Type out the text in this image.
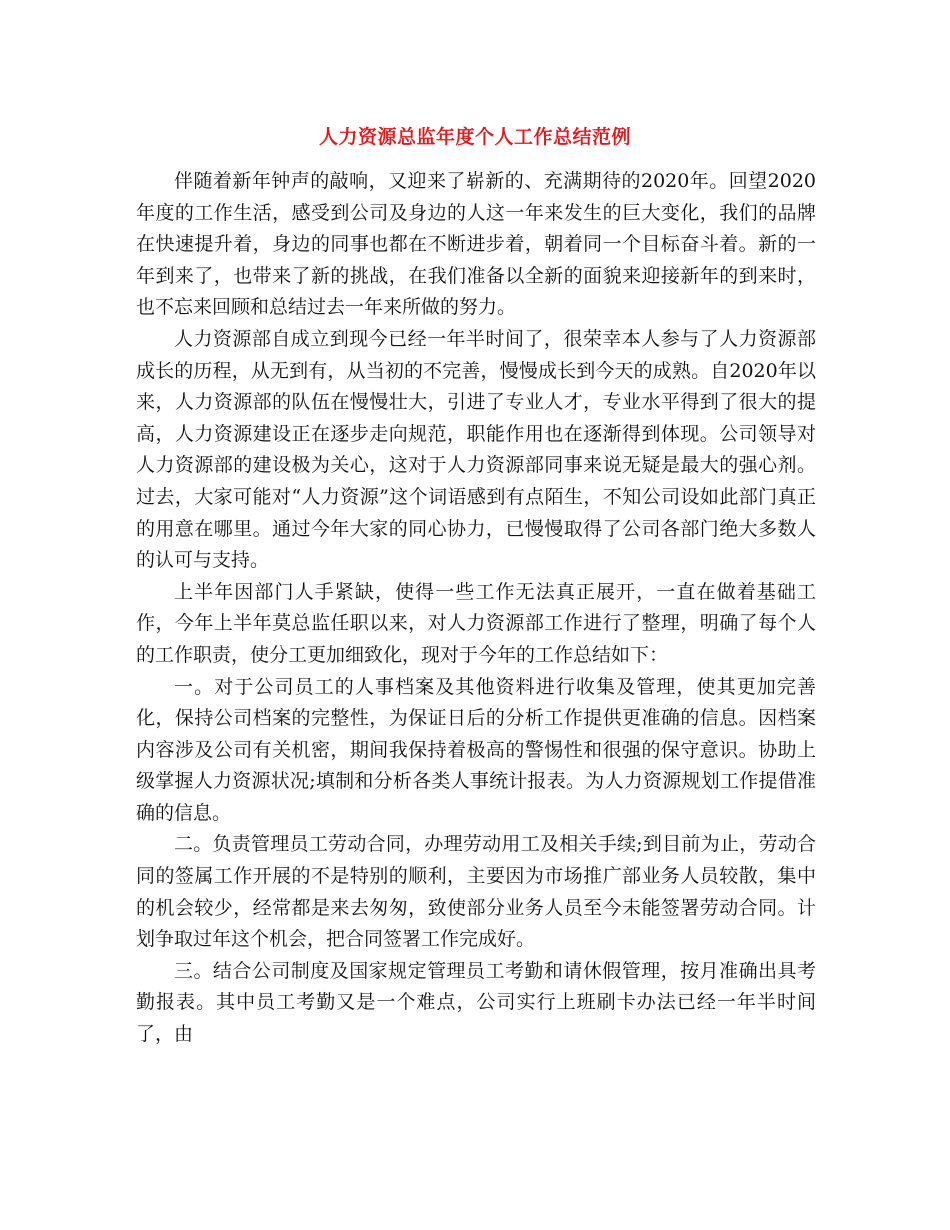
人力资源总监年度个人工作总结范例

伴随着新年钟声的敲响，又迎来了崭新的、充满期待的2020年。回望2020年度的工作生活，感受到公司及身边的人这一年来发生的巨大变化，我们的品牌在快速提升着，身边的同事也都在不断进步着，朝着同一个目标奋斗着。新的一年到来了，也带来了新的挑战，在我们准备以全新的面貌来迎接新年的到来时，也不忘来回顾和总结过去一年来所做的努力。

人力资源部自成立到现今已经一年半时间了，很荣幸本人参与了人力资源部成长的历程，从无到有，从当初的不完善，慢慢成长到今天的成熟。自2020年以来，人力资源部的队伍在慢慢壮大，引进了专业人才，专业水平得到了很大的提高，人力资源建设正在逐步走向规范，职能作用也在逐渐得到体现。公司领导对人力资源部的建设极为关心，这对于人力资源部同事来说无疑是最大的强心剂。过去，大家可能对“人力资源”这个词语感到有点陌生，不知公司设如此部门真正的用意在哪里。通过今年大家的同心协力，已慢慢取得了公司各部门绝大多数人的认可与支持。

上半年因部门人手紧缺，使得一些工作无法真正展开，一直在做着基础工作，今年上半年莫总监任职以来，对人力资源部工作进行了整理，明确了每个人的工作职责，使分工更加细致化，现对于今年的工作总结如下：

一。对于公司员工的人事档案及其他资料进行收集及管理，使其更加完善化，保持公司档案的完整性，为保证日后的分析工作提供更准确的信息。因档案内容涉及公司有关机密，期间我保持着极高的警惕性和很强的保守意识。协助上级掌握人力资源状况;填制和分析各类人事统计报表。为人力资源规划工作提借准确的信息。

二。负责管理员工劳动合同，办理劳动用工及相关手续;到目前为止，劳动合同的签属工作开展的不是特别的顺利，主要因为市场推广部业务人员较散，集中的机会较少，经常都是来去匆匆，致使部分业务人员至今未能签署劳动合同。计划争取过年这个机会，把合同签署工作完成好。

三。结合公司制度及国家规定管理员工考勤和请休假管理，按月准确出具考勤报表。其中员工考勤又是一个难点，公司实行上班刷卡办法已经一年半时间了，由
